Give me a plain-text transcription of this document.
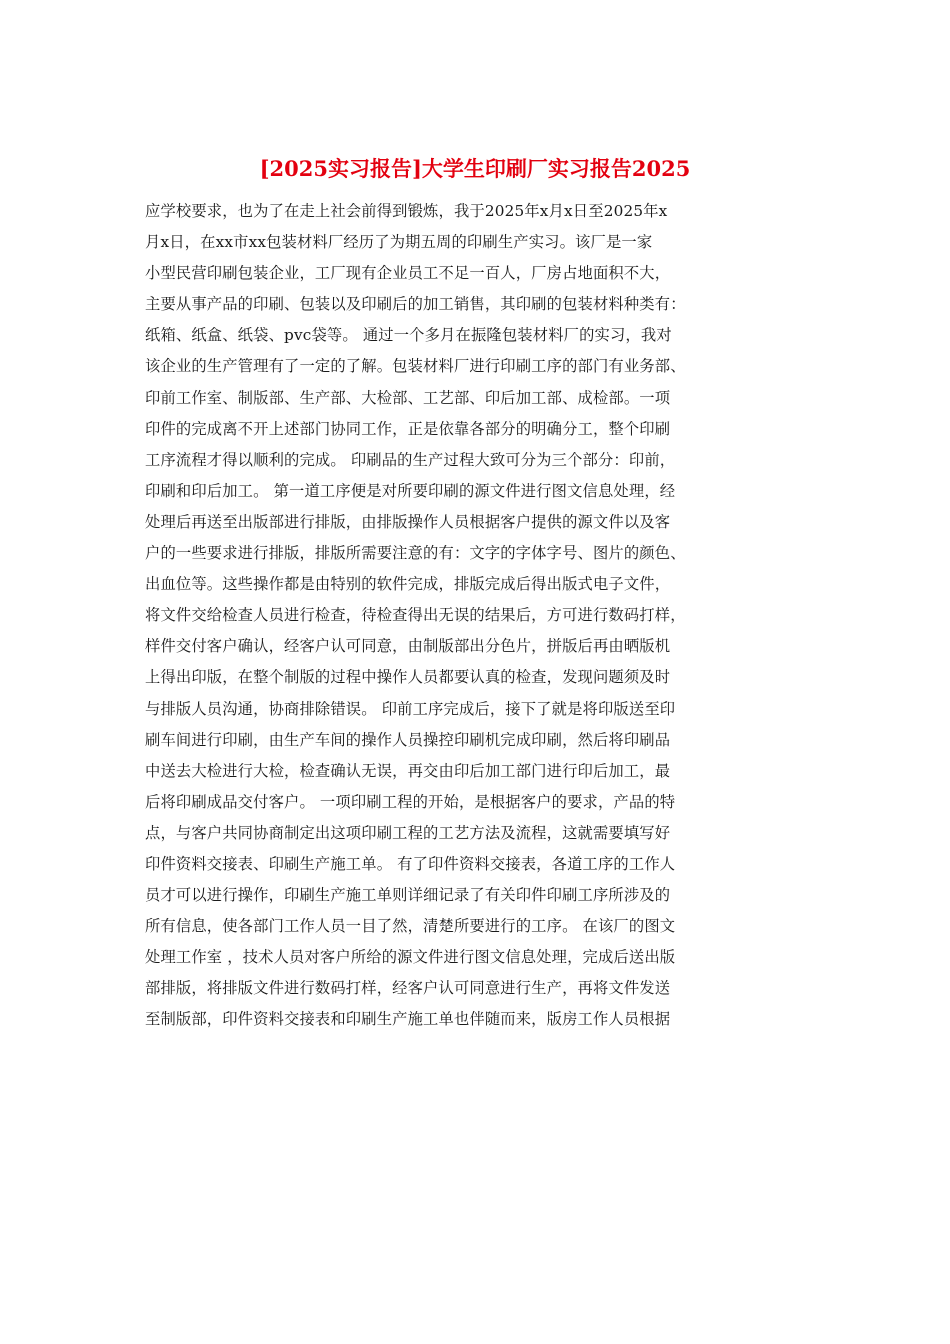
[2025实习报告]大学生印刷厂实习报告2025
应学校要求，也为了在走上社会前得到锻炼，我于2025年x月x日至2025年x
月x日，在xx市xx包装材料厂经历了为期五周的印刷生产实习。该厂是一家
小型民营印刷包装企业，工厂现有企业员工不足一百人，厂房占地面积不大，
主要从事产品的印刷、包装以及印刷后的加工销售，其印刷的包装材料种类有：
纸箱、纸盒、纸袋、pvc袋等。 通过一个多月在振隆包装材料厂的实习，我对
该企业的生产管理有了一定的了解。包装材料厂进行印刷工序的部门有业务部、
印前工作室、制版部、生产部、大检部、工艺部、印后加工部、成检部。一项
印件的完成离不开上述部门协同工作，正是依靠各部分的明确分工，整个印刷
工序流程才得以顺利的完成。 印刷品的生产过程大致可分为三个部分：印前，
印刷和印后加工。 第一道工序便是对所要印刷的源文件进行图文信息处理，经
处理后再送至出版部进行排版，由排版操作人员根据客户提供的源文件以及客
户的一些要求进行排版，排版所需要注意的有：文字的字体字号、图片的颜色、
出血位等。这些操作都是由特别的软件完成，排版完成后得出版式电子文件，
将文件交给检查人员进行检查，待检查得出无误的结果后，方可进行数码打样，
样件交付客户确认，经客户认可同意，由制版部出分色片，拼版后再由晒版机
上得出印版，在整个制版的过程中操作人员都要认真的检查，发现问题须及时
与排版人员沟通，协商排除错误。 印前工序完成后，接下了就是将印版送至印
刷车间进行印刷，由生产车间的操作人员操控印刷机完成印刷，然后将印刷品
中送去大检进行大检，检查确认无误，再交由印后加工部门进行印后加工，最
后将印刷成品交付客户。 一项印刷工程的开始，是根据客户的要求，产品的特
点，与客户共同协商制定出这项印刷工程的工艺方法及流程，这就需要填写好
印件资料交接表、印刷生产施工单。 有了印件资料交接表，各道工序的工作人
员才可以进行操作，印刷生产施工单则详细记录了有关印件印刷工序所涉及的
所有信息，使各部门工作人员一目了然，清楚所要进行的工序。 在该厂的图文
处理工作室 ，技术人员对客户所给的源文件进行图文信息处理，完成后送出版
部排版，将排版文件进行数码打样，经客户认可同意进行生产，再将文件发送
至制版部，印件资料交接表和印刷生产施工单也伴随而来，版房工作人员根据
